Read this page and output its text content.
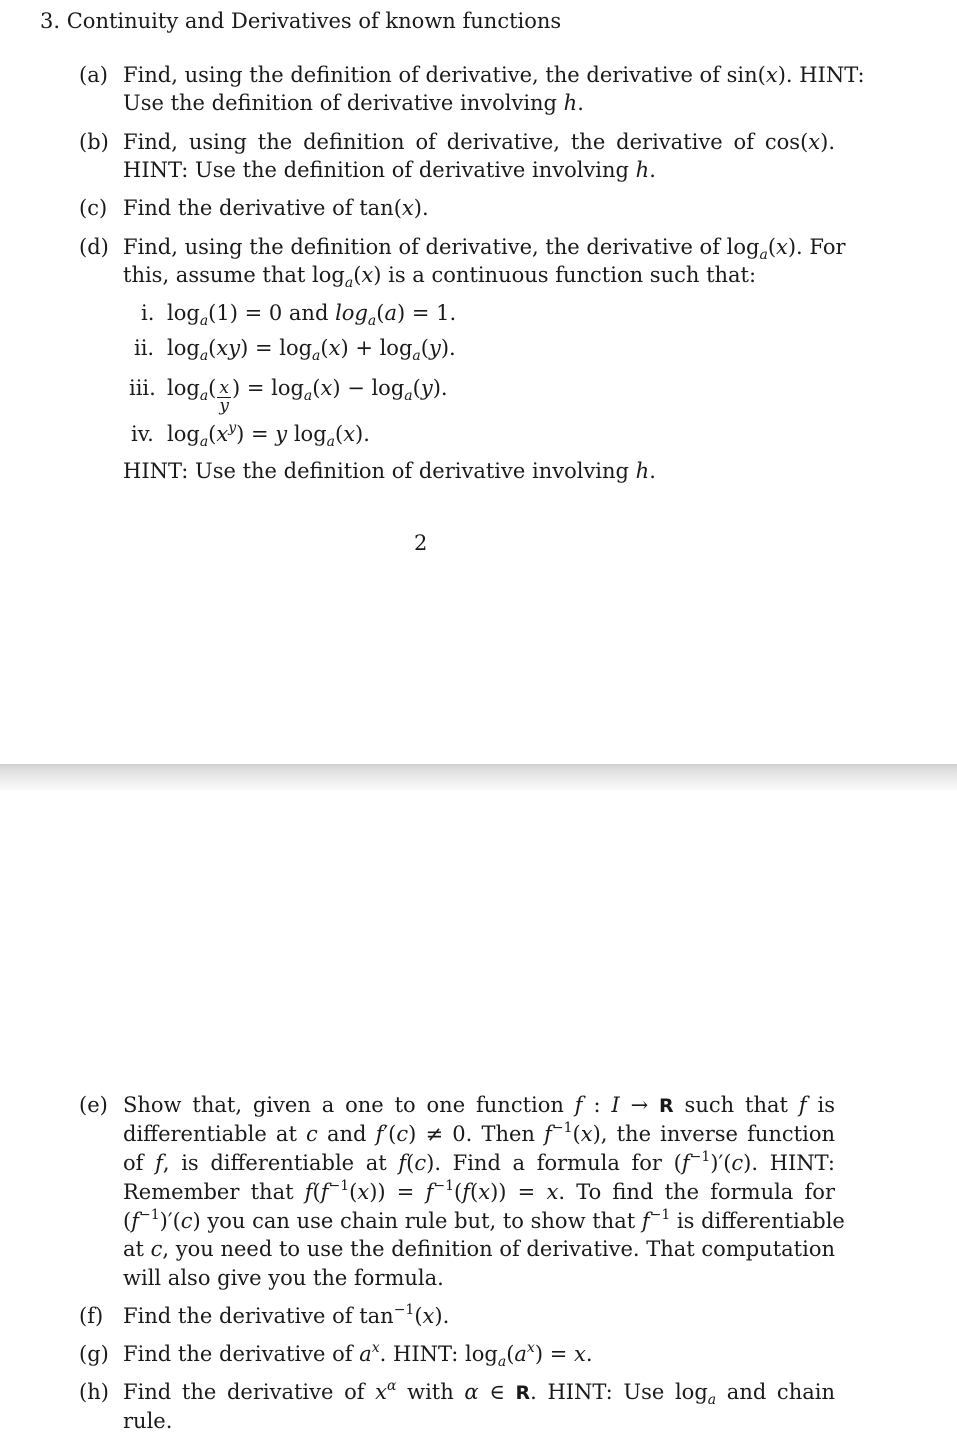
3. Continuity and Derivatives of known functions
(a) Find, using the definition of derivative, the derivative of sin(x). HINT:
Use the definition of derivative involving h.
(b) Find, using the definition of derivative, the derivative of cos(x).
HINT: Use the definition of derivative involving h.
(c) Find the derivative of tan(x).
(d) Find, using the definition of derivative, the derivative of $\log_a(x)$. For
this, assume that $\log_a(x)$ is a continuous function such that:
i. $\log_a(1) = 0$ and $\log_a(a) = 1$.
ii. $\log_a(xy) = \log_a(x) + \log_a(y)$.
iii. $\log_a( \frac{x}{y}$ ) = $\log_a(x) - \log_a(y)$.
iv. $\log_a(x^y) = y$ $\log_a(x)$.
HINT: Use the definition of derivative involving h.
2
(e) Show that, given a one to one function f : I → R such that f is
differentiable at c and f′(c) ≠ 0. Then $f^{-1}(x)$, the inverse function
of f, is differentiable at f(c). Find a formula for $(f^{-1})'(c)$. HINT:
Remember that $f(f^{-1}(x)) = f^{-1}(f(x)) = x$. To find the formula for
$(f^{-1})'(c)$ you can use chain rule but, to show that $f^{-1}$ is differentiable
at c, you need to use the definition of derivative. That computation
will also give you the formula.
(f) Find the derivative of $\tan^{-1}(x)$.
(g) Find the derivative of $a^x$. HINT: $\log_a(a^x) = x$.
(h) Find the derivative of $x^\alpha$ with α ∈ R. HINT: Use $\log_a$ and chain
rule.
